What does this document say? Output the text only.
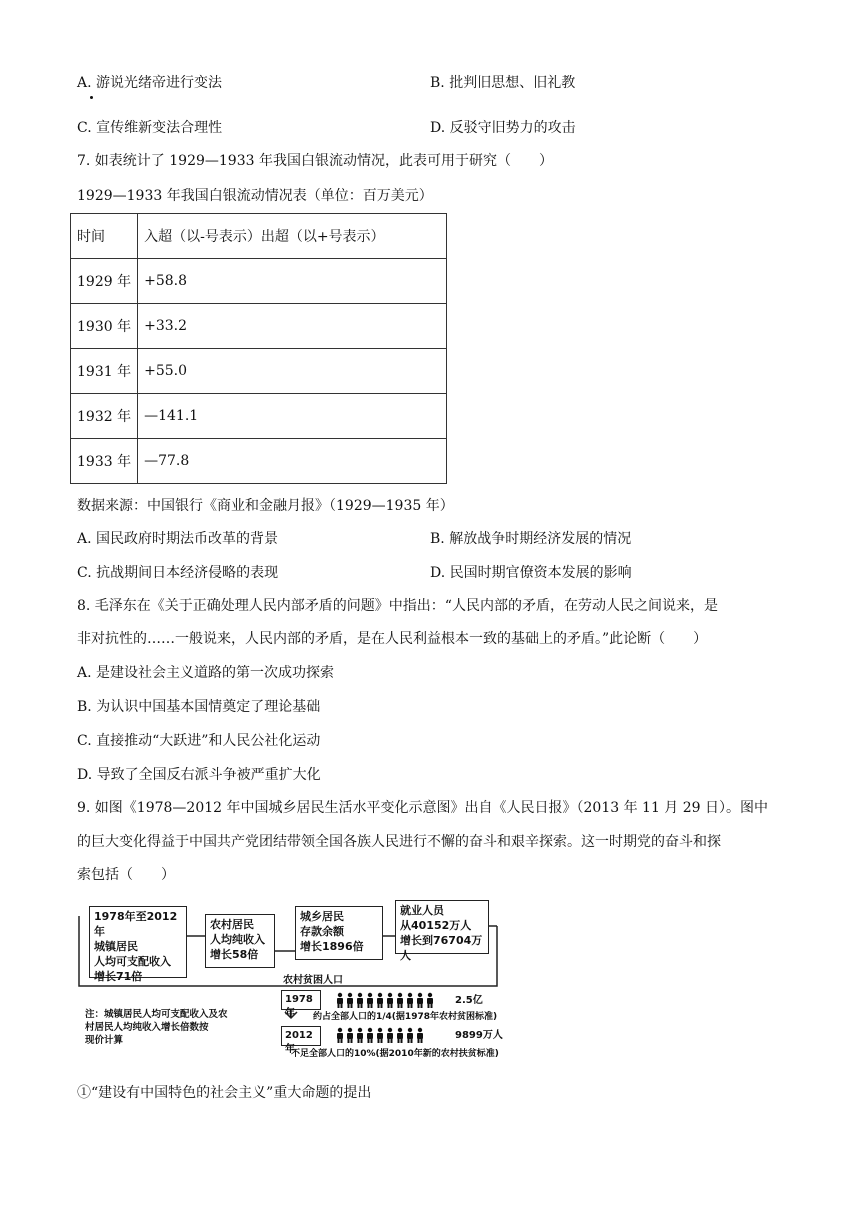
A. 游说光绪帝进行变法	B. 批判旧思想、旧礼教
C. 宣传维新变法合理性	D. 反驳守旧势力的攻击
7. 如表统计了 1929—1933 年我国白银流动情况，此表可用于研究（　　）
1929—1933 年我国白银流动情况表（单位：百万美元）
时间	入超（以-号表示）出超（以+号表示）
1929 年	+58.8
1930 年	+33.2
1931 年	+55.0
1932 年	—141.1
1933 年	—77.8
数据来源：中国银行《商业和金融月报》（1929—1935 年）
A. 国民政府时期法币改革的背景	B. 解放战争时期经济发展的情况
C. 抗战期间日本经济侵略的表现	D. 民国时期官僚资本发展的影响
8. 毛泽东在《关于正确处理人民内部矛盾的问题》中指出：“人民内部的矛盾，在劳动人民之间说来，是
非对抗性的……一般说来，人民内部的矛盾，是在人民利益根本一致的基础上的矛盾。”此论断（　　）
A. 是建设社会主义道路的第一次成功探索
B. 为认识中国基本国情奠定了理论基础
C. 直接推动“大跃进”和人民公社化运动
D. 导致了全国反右派斗争被严重扩大化
9. 如图《1978—2012 年中国城乡居民生活水平变化示意图》出自《人民日报》（2013 年 11 月 29 日）。图中
的巨大变化得益于中国共产党团结带领全国各族人民进行不懈的奋斗和艰辛探索。这一时期党的奋斗和探
索包括（　　）
1978年至2012年
城镇居民
人均可支配收入
增长71倍
农村居民
人均纯收入
增长58倍
城乡居民
存款余额
增长1896倍
就业人员
从40152万人
增长到76704万人
农村贫困人口
注：城镇居民人均可支配收入及农
村居民人均纯收入增长倍数按
现价计算
1978年
2.5亿
约占全部人口的1/4(据1978年农村贫困标准)
2012年
9899万人
不足全部人口的10%(据2010年新的农村扶贫标准)
①“建设有中国特色的社会主义”重大命题的提出
